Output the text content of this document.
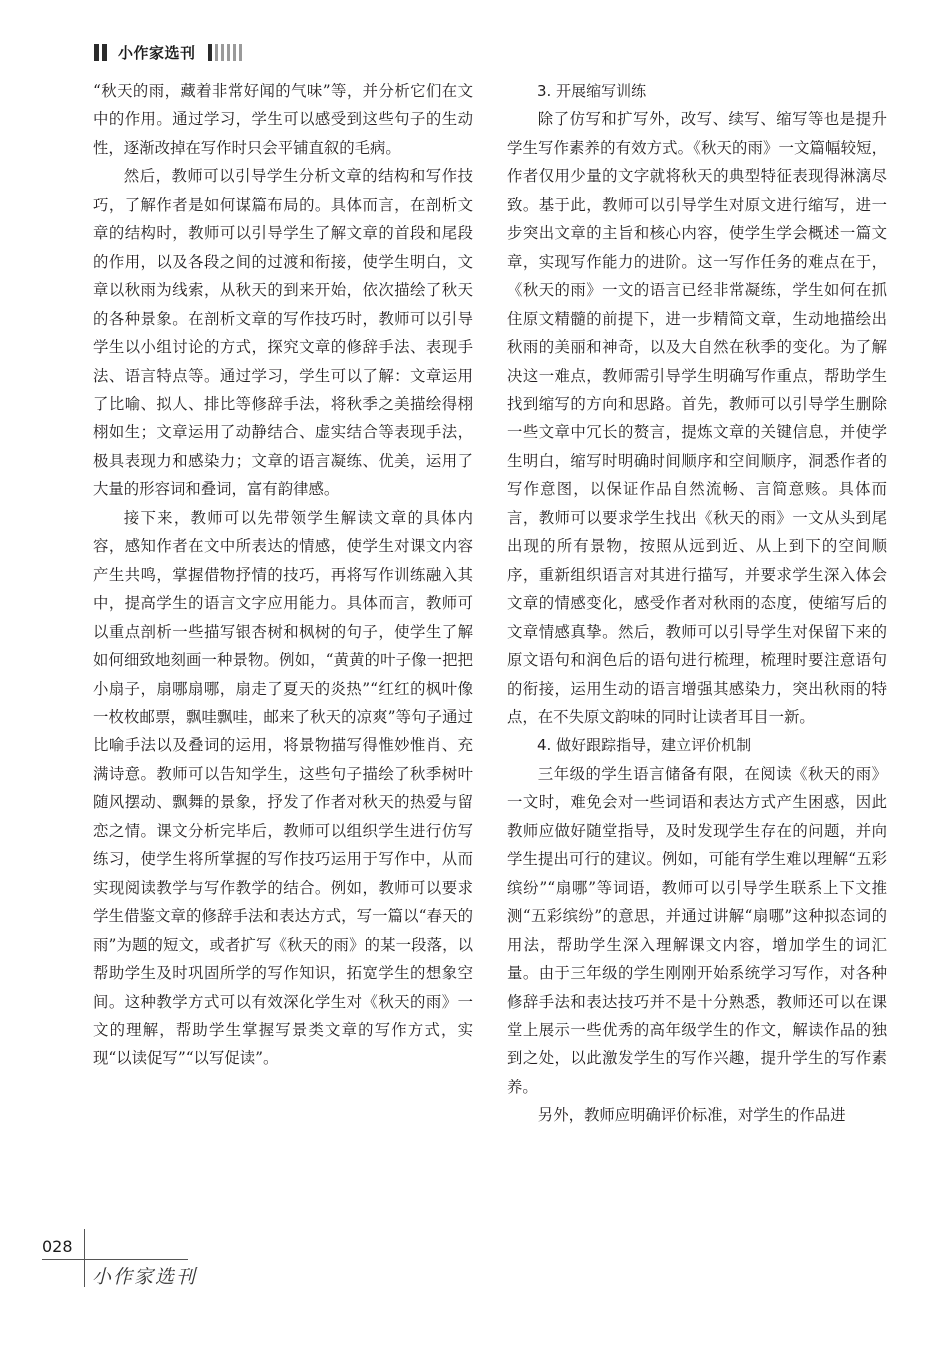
小作家选刊

“秋天的雨，藏着非常好闻的气味”等，并分析它们在文中的作用。通过学习，学生可以感受到这些句子的生动性，逐渐改掉在写作时只会平铺直叙的毛病。

然后，教师可以引导学生分析文章的结构和写作技巧，了解作者是如何谋篇布局的。具体而言，在剖析文章的结构时，教师可以引导学生了解文章的首段和尾段的作用，以及各段之间的过渡和衔接，使学生明白，文章以秋雨为线索，从秋天的到来开始，依次描绘了秋天的各种景象。在剖析文章的写作技巧时，教师可以引导学生以小组讨论的方式，探究文章的修辞手法、表现手法、语言特点等。通过学习，学生可以了解：文章运用了比喻、拟人、排比等修辞手法，将秋季之美描绘得栩栩如生；文章运用了动静结合、虚实结合等表现手法，极具表现力和感染力；文章的语言凝练、优美，运用了大量的形容词和叠词，富有韵律感。

接下来，教师可以先带领学生解读文章的具体内容，感知作者在文中所表达的情感，使学生对课文内容产生共鸣，掌握借物抒情的技巧，再将写作训练融入其中，提高学生的语言文字应用能力。具体而言，教师可以重点剖析一些描写银杏树和枫树的句子，使学生了解如何细致地刻画一种景物。例如，“黄黄的叶子像一把把小扇子，扇哪扇哪，扇走了夏天的炎热”“红红的枫叶像一枚枚邮票，飘哇飘哇，邮来了秋天的凉爽”等句子通过比喻手法以及叠词的运用，将景物描写得惟妙惟肖、充满诗意。教师可以告知学生，这些句子描绘了秋季树叶随风摆动、飘舞的景象，抒发了作者对秋天的热爱与留恋之情。课文分析完毕后，教师可以组织学生进行仿写练习，使学生将所掌握的写作技巧运用于写作中，从而实现阅读教学与写作教学的结合。例如，教师可以要求学生借鉴文章的修辞手法和表达方式，写一篇以“春天的雨”为题的短文，或者扩写《秋天的雨》的某一段落，以帮助学生及时巩固所学的写作知识，拓宽学生的想象空间。这种教学方式可以有效深化学生对《秋天的雨》一文的理解，帮助学生掌握写景类文章的写作方式，实现“以读促写”“以写促读”。

3. 开展缩写训练

除了仿写和扩写外，改写、续写、缩写等也是提升学生写作素养的有效方式。《秋天的雨》一文篇幅较短，作者仅用少量的文字就将秋天的典型特征表现得淋漓尽致。基于此，教师可以引导学生对原文进行缩写，进一步突出文章的主旨和核心内容，使学生学会概述一篇文章，实现写作能力的进阶。这一写作任务的难点在于，《秋天的雨》一文的语言已经非常凝练，学生如何在抓住原文精髓的前提下，进一步精简文章，生动地描绘出秋雨的美丽和神奇，以及大自然在秋季的变化。为了解决这一难点，教师需引导学生明确写作重点，帮助学生找到缩写的方向和思路。首先，教师可以引导学生删除一些文章中冗长的赘言，提炼文章的关键信息，并使学生明白，缩写时明确时间顺序和空间顺序，洞悉作者的写作意图，以保证作品自然流畅、言简意赅。具体而言，教师可以要求学生找出《秋天的雨》一文从头到尾出现的所有景物，按照从远到近、从上到下的空间顺序，重新组织语言对其进行描写，并要求学生深入体会文章的情感变化，感受作者对秋雨的态度，使缩写后的文章情感真挚。然后，教师可以引导学生对保留下来的原文语句和润色后的语句进行梳理，梳理时要注意语句的衔接，运用生动的语言增强其感染力，突出秋雨的特点，在不失原文韵味的同时让读者耳目一新。

4. 做好跟踪指导，建立评价机制

三年级的学生语言储备有限，在阅读《秋天的雨》一文时，难免会对一些词语和表达方式产生困惑，因此教师应做好随堂指导，及时发现学生存在的问题，并向学生提出可行的建议。例如，可能有学生难以理解“五彩缤纷”“扇哪”等词语，教师可以引导学生联系上下文推测“五彩缤纷”的意思，并通过讲解“扇哪”这种拟态词的用法，帮助学生深入理解课文内容，增加学生的词汇量。由于三年级的学生刚刚开始系统学习写作，对各种修辞手法和表达技巧并不是十分熟悉，教师还可以在课堂上展示一些优秀的高年级学生的作文，解读作品的独到之处，以此激发学生的写作兴趣，提升学生的写作素养。

另外，教师应明确评价标准，对学生的作品进

028
小作家选刊
